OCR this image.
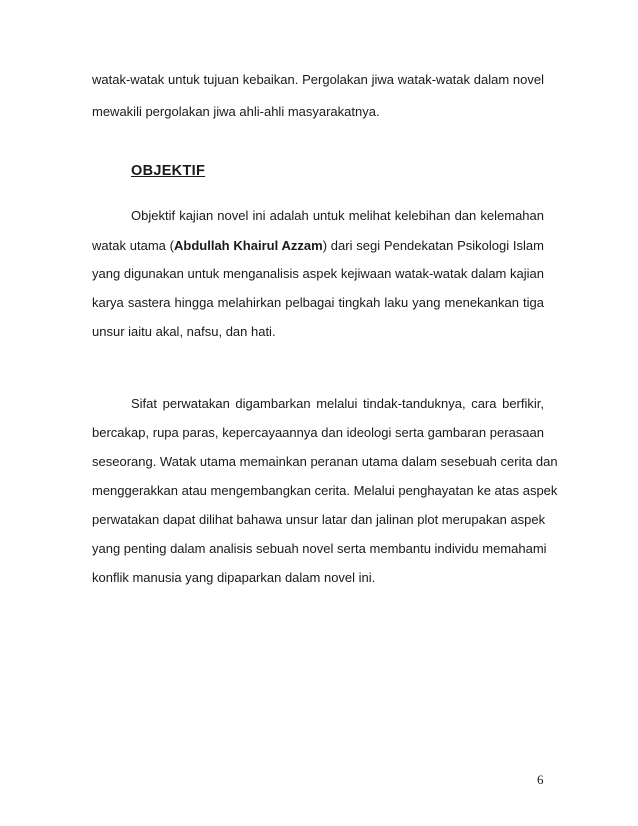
watak-watak untuk tujuan kebaikan. Pergolakan jiwa watak-watak dalam novel
mewakili pergolakan jiwa ahli-ahli masyarakatnya.
OBJEKTIF
Objektif kajian novel ini adalah untuk melihat kelebihan dan kelemahan
watak utama (Abdullah Khairul Azzam) dari segi Pendekatan Psikologi Islam
yang digunakan untuk menganalisis aspek kejiwaan watak-watak dalam kajian
karya sastera hingga melahirkan pelbagai tingkah laku yang menekankan tiga
unsur iaitu akal, nafsu, dan hati.
Sifat perwatakan digambarkan melalui tindak-tanduknya, cara berfikir,
bercakap, rupa paras, kepercayaannya dan ideologi serta gambaran perasaan
seseorang. Watak utama memainkan peranan utama dalam sesebuah cerita dan
menggerakkan atau mengembangkan cerita. Melalui penghayatan ke atas aspek
perwatakan dapat dilihat bahawa unsur latar dan jalinan plot merupakan aspek
yang penting dalam analisis sebuah novel serta membantu individu memahami
konflik manusia yang dipaparkan dalam novel ini.
6
